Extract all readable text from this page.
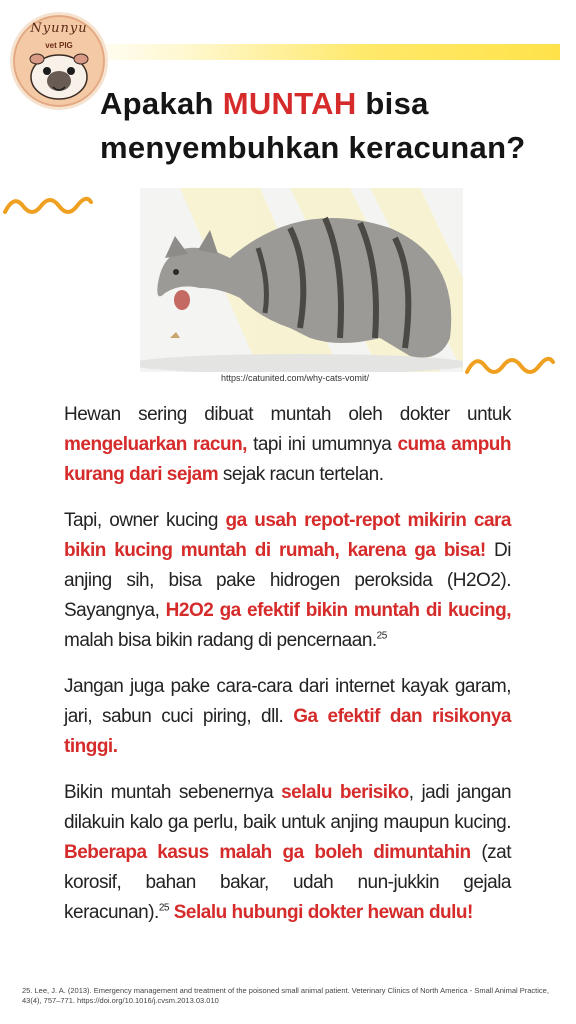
Nyunyu
vet PIG
Apakah MUNTAH bisa
menyembuhkan keracunan?
https://catunited.com/why-cats-vomit/

Hewan sering dibuat muntah oleh dokter untuk mengeluarkan racun, tapi ini umumnya cuma ampuh kurang dari sejam sejak racun tertelan.

Tapi, owner kucing ga usah repot-repot mikirin cara bikin kucing muntah di rumah, karena ga bisa! Di anjing sih, bisa pake hidrogen peroksida (H2O2). Sayangnya, H2O2 ga efektif bikin muntah di kucing, malah bisa bikin radang di pencernaan.$^{25}$

Jangan juga pake cara-cara dari internet kayak garam, jari, sabun cuci piring, dll. Ga efektif dan risikonya tinggi.

Bikin muntah sebenernya selalu berisiko, jadi jangan dilakuin kalo ga perlu, baik untuk anjing maupun kucing. Beberapa kasus malah ga boleh dimuntahin (zat korosif, bahan bakar, udah nun-jukkin gejala keracunan).$^{25}$ Selalu hubungi dokter hewan dulu!

25. Lee, J. A. (2013). Emergency management and treatment of the poisoned small animal patient. Veterinary Clinics of North America - Small Animal Practice, 43(4), 757–771. https://doi.org/10.1016/j.cvsm.2013.03.010
